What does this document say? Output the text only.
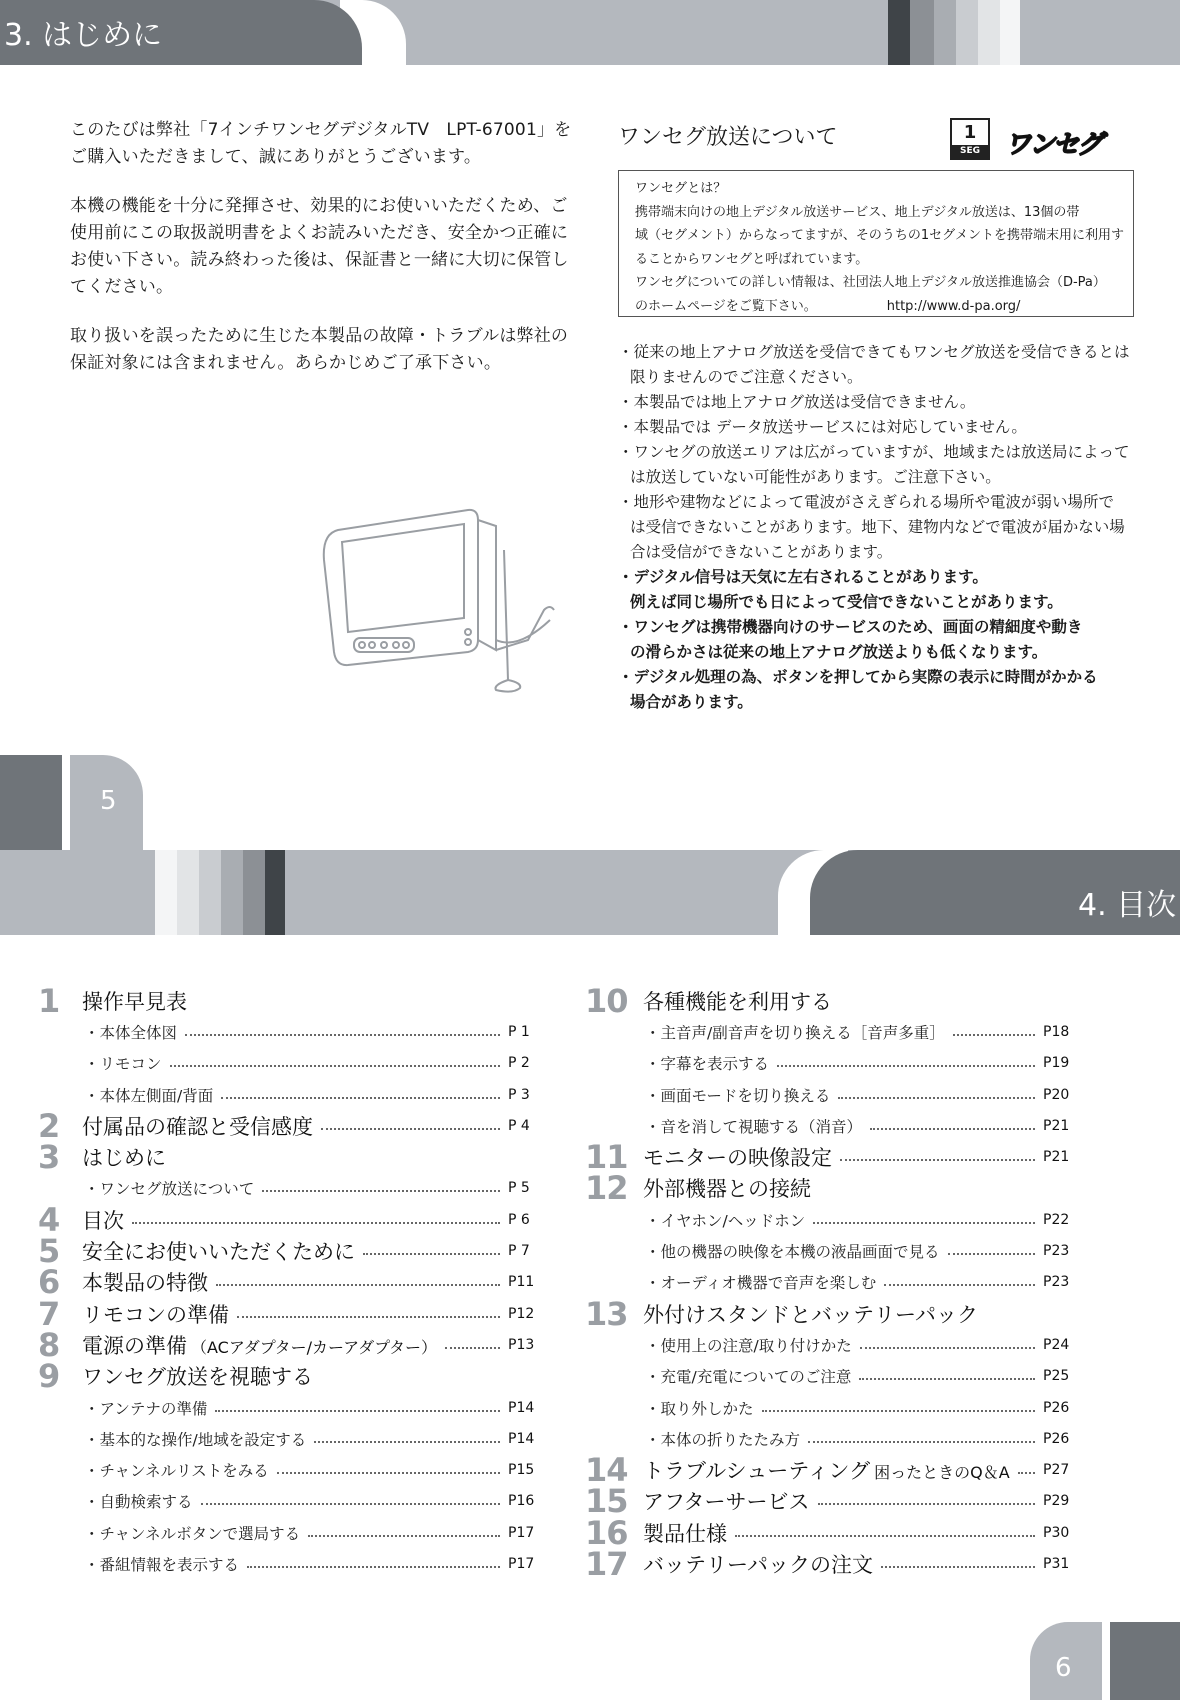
3. はじめに

このたびは弊社「7インチワンセグデジタルTV　LPT-67001」を
ご購入いただきまして、誠にありがとうございます。

本機の機能を十分に発揮させ、効果的にお使いいただくため、ご
使用前にこの取扱説明書をよくお読みいただき、安全かつ正確に
お使い下さい。読み終わった後は、保証書と一緒に大切に保管し
てください。

取り扱いを誤ったために生じた本製品の故障・トラブルは弊社の
保証対象には含まれません。あらかじめご了承下さい。

ワンセグ放送について	1
SEG ワンセグ
ワンセグとは？
携帯端末向けの地上デジタル放送サービス、地上デジタル放送は、13個の帯
域（セグメント）からなってますが、そのうちの1セグメントを携帯端末用に利用す
ることからワンセグと呼ばれています。
ワンセグについての詳しい情報は、社団法人地上デジタル放送推進協会（D-Pa）
のホームページをご覧下さい。	http://www.d-pa.org/

・従来の地上アナログ放送を受信できてもワンセグ放送を受信できるとは

限りませんのでご注意ください。

・本製品では地上アナログ放送は受信できません。

・本製品では データ放送サービスには対応していません。

・ワンセグの放送エリアは広がっていますが、地域または放送局によって

は放送していない可能性があります。ご注意下さい。

・地形や建物などによって電波がさえぎられる場所や電波が弱い場所で

は受信できないことがあります。地下、建物内などで電波が届かない場
合は受信ができないことがあります。

・デジタル信号は天気に左右されることがあります。

例えば同じ場所でも日によって受信できないことがあります。

・ワンセグは携帯機器向けのサービスのため、画面の精細度や動き

の滑らかさは従来の地上アナログ放送よりも低くなります。

・デジタル処理の為、ボタンを押してから実際の表示に時間がかかる

場合があります。

5
4. 目次
1	操作早見表
・本体全体図	P 1
・リモコン	P 2
・本体左側面/背面	P 3
2	付属品の確認と受信感度	P 4
3	はじめに
・ワンセグ放送について	P 5
4	目次	P 6
5	安全にお使いいただくために	P 7
6	本製品の特徴	P11
7	リモコンの準備	P12
8	電源の準備 （ACアダプター/カーアダプター）	P13
9	ワンセグ放送を視聴する
・アンテナの準備	P14
・基本的な操作/地域を設定する	P14
・チャンネルリストをみる	P15
・自動検索する	P16
・チャンネルボタンで選局する	P17
・番組情報を表示する	P17
10 各種機能を利用する
・主音声/副音声を切り換える［音声多重］	P18
・字幕を表示する	P19
・画面モードを切り換える	P20
・音を消して視聴する（消音）	P21
11 モニターの映像設定	P21
12 外部機器との接続
・イヤホン/ヘッドホン	P22
・他の機器の映像を本機の液晶画面で見る	P23
・オーディオ機器で音声を楽しむ	P23
13 外付けスタンドとバッテリーパック
・使用上の注意/取り付けかた	P24
・充電/充電についてのご注意	P25
・取り外しかた	P26
・本体の折りたたみ方	P26
14 トラブルシューティング 困ったときのQ＆A P27
15 アフターサービス	P29
16 製品仕様	P30
17 バッテリーパックの注文	P31
6
